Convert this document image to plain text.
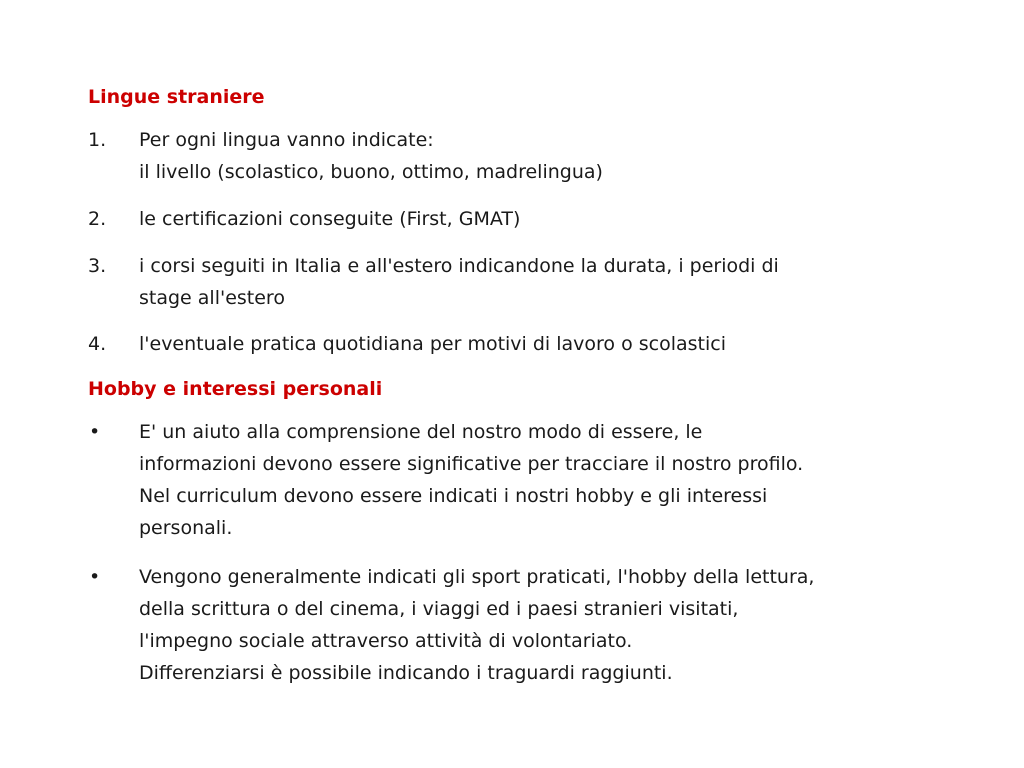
Lingue straniere
1.	Per ogni lingua vanno indicate:
il livello (scolastico, buono, ottimo, madrelingua)
2.	le certificazioni conseguite (First, GMAT)
3.	i corsi seguiti in Italia e all'estero indicandone la durata, i periodi di
stage all'estero
4.	l'eventuale pratica quotidiana per motivi di lavoro o scolastici
Hobby e interessi personali
•	E' un aiuto alla comprensione del nostro modo di essere, le
informazioni devono essere significative per tracciare il nostro profilo.
Nel curriculum devono essere indicati i nostri hobby e gli interessi
personali.
•	Vengono generalmente indicati gli sport praticati, l'hobby della lettura,
della scrittura o del cinema, i viaggi ed i paesi stranieri visitati,
l'impegno sociale attraverso attività di volontariato.
Differenziarsi è possibile indicando i traguardi raggiunti.
